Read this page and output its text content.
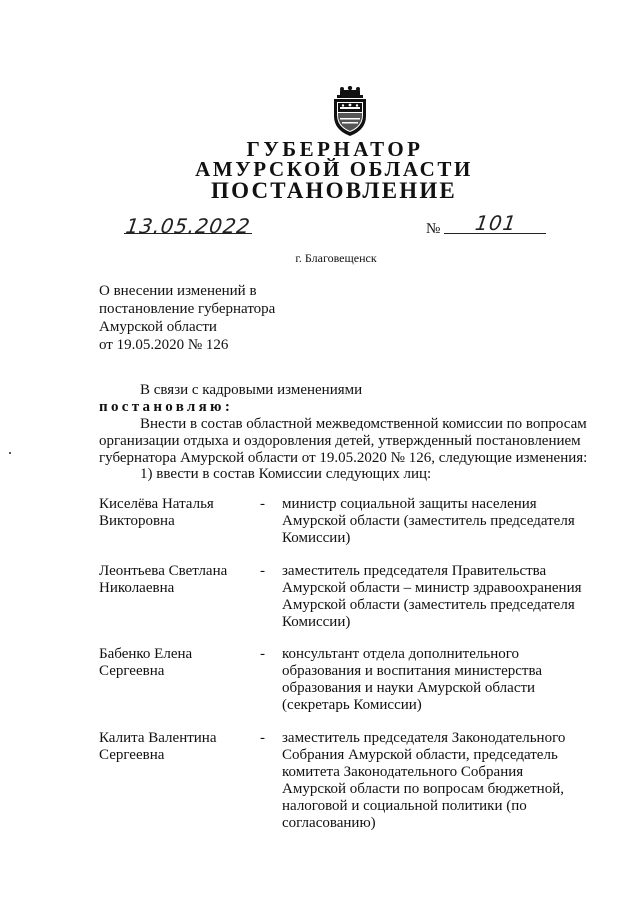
ГУБЕРНАТОР
АМУРСКОЙ ОБЛАСТИ
ПОСТАНОВЛЕНИЕ
13.05.2022	№	101
г. Благовещенск
О внесении изменений в
постановление губернатора
Амурской области
от 19.05.2020 № 126
В связи с кадровыми изменениями
постановляю:
Внести в состав областной межведомственной комиссии по вопросам
организации отдыха и оздоровления детей, утвержденный постановлением
губернатора Амурской области от 19.05.2020 № 126, следующие изменения:
1) ввести в состав Комиссии следующих лиц:
Киселёва Наталья
Викторовна
- министр социальной защиты населения
Амурской области (заместитель председателя
Комиссии)
Леонтьева Светлана
Николаевна
- заместитель председателя Правительства
Амурской области – министр здравоохранения
Амурской области (заместитель председателя
Комиссии)
Бабенко Елена
Сергеевна
- консультант отдела дополнительного
образования и воспитания министерства
образования и науки Амурской области
(секретарь Комиссии)
Калита Валентина
Сергеевна
- заместитель председателя Законодательного
Собрания Амурской области, председатель
комитета Законодательного Собрания
Амурской области по вопросам бюджетной,
налоговой и социальной политики (по
согласованию)
